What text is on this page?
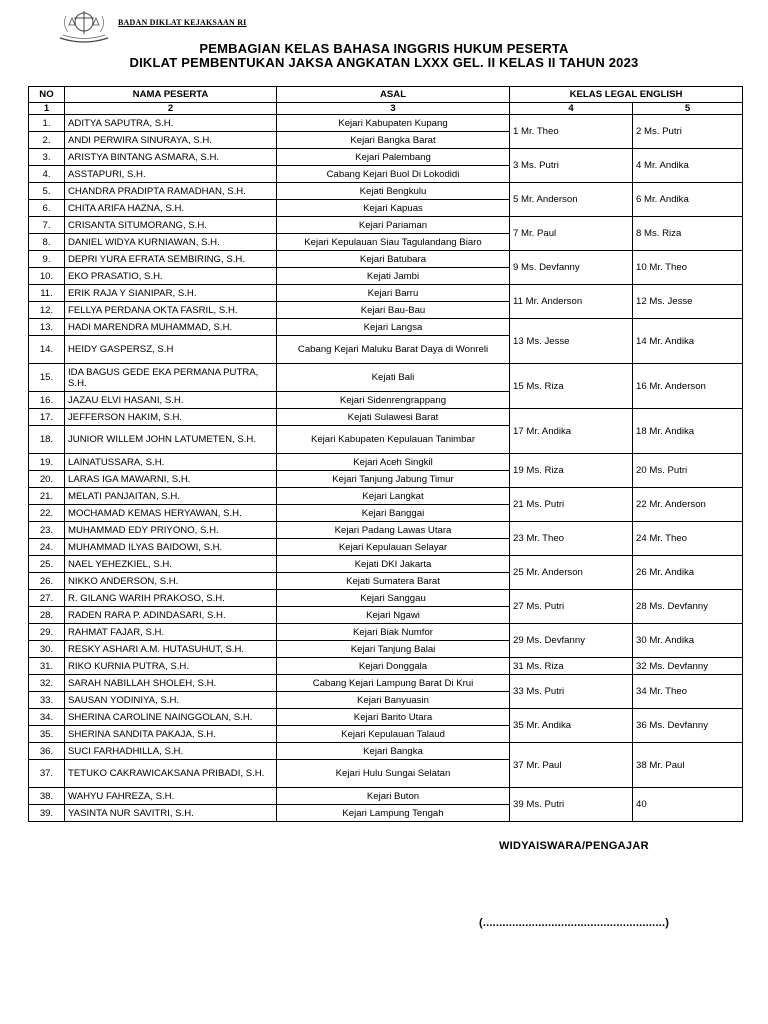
BADAN DIKLAT KEJAKSAAN RI
PEMBAGIAN KELAS BAHASA INGGRIS HUKUM PESERTA
DIKLAT PEMBENTUKAN JAKSA ANGKATAN LXXX GEL. II KELAS II TAHUN 2023
NO	NAMA PESERTA	ASAL	KELAS LEGAL ENGLISH	
1	2	3	4	5
1.	ADITYA SAPUTRA, S.H.	Kejari Kabupaten Kupang	1 Mr. Theo	2 Ms. Putri
2.	ANDI PERWIRA SINURAYA, S.H.	Kejari Bangka Barat		
3.	ARISTYA BINTANG ASMARA, S.H.	Kejari Palembang	3 Ms. Putri	4 Mr. Andika
4.	ASSTAPURI, S.H.	Cabang Kejari Buol Di Lokodidi		
5.	CHANDRA PRADIPTA RAMADHAN, S.H.	Kejati Bengkulu	5 Mr. Anderson	6 Mr. Andika
6.	CHITA ARIFA HAZNA, S.H.	Kejari Kapuas		
7.	CRISANTA SITUMORANG, S.H.	Kejari Pariaman	7 Mr. Paul	8 Ms. Riza
8.	DANIEL WIDYA KURNIAWAN, S.H.	Kejari Kepulauan Siau Tagulandang Biaro		
9.	DEPRI YURA EFRATA SEMBIRING, S.H.	Kejari Batubara	9 Ms. Devfanny	10 Mr. Theo
10.	EKO PRASATIO, S.H.	Kejati Jambi		
11.	ERIK RAJA Y SIANIPAR, S.H.	Kejari Barru	11 Mr. Anderson	12 Ms. Jesse
12.	FELLYA PERDANA OKTA FASRIL, S.H.	Kejari Bau-Bau		
13.	HADI MARENDRA MUHAMMAD, S.H.	Kejari Langsa	13 Ms. Jesse	14 Mr. Andika
14.	HEIDY GASPERSZ, S.H	Cabang Kejari Maluku Barat Daya di Wonreli		
15.	IDA BAGUS GEDE EKA PERMANA PUTRA, S.H.	Kejati Bali	15 Ms. Riza	16 Mr. Anderson
16.	JAZAU ELVI HASANI, S.H.	Kejari Sidenrengrappang		
17.	JEFFERSON HAKIM, S.H.	Kejati Sulawesi Barat	17 Mr. Andika	18 Mr. Andika
18.	JUNIOR WILLEM JOHN LATUMETEN, S.H.	Kejari Kabupaten Kepulauan Tanimbar		
19.	LAINATUSSARA, S.H.	Kejari Aceh Singkil	19 Ms. Riza	20 Ms. Putri
20.	LARAS IGA MAWARNI, S.H.	Kejari Tanjung Jabung Timur		
21.	MELATI PANJAITAN, S.H.	Kejari Langkat	21 Ms. Putri	22 Mr. Anderson
22.	MOCHAMAD KEMAS HERYAWAN, S.H.	Kejari Banggai		
23.	MUHAMMAD EDY PRIYONO, S.H.	Kejari Padang Lawas Utara	23 Mr. Theo	24 Mr. Theo
24.	MUHAMMAD ILYAS BAIDOWI, S.H.	Kejari Kepulauan Selayar		
25.	NAEL YEHEZKIEL, S.H.	Kejati DKI Jakarta	25 Mr. Anderson	26 Mr. Andika
26.	NIKKO ANDERSON, S.H.	Kejati Sumatera Barat		
27.	R. GILANG WARIH PRAKOSO, S.H.	Kejari Sanggau	27 Ms. Putri	28 Ms. Devfanny
28.	RADEN RARA P. ADINDASARI, S.H.	Kejari Ngawi		
29.	RAHMAT FAJAR, S.H.	Kejari Biak Numfor	29 Ms. Devfanny	30 Mr. Andika
30.	RESKY ASHARI A.M. HUTASUHUT, S.H.	Kejari Tanjung Balai		
31.	RIKO KURNIA PUTRA, S.H.	Kejari Donggala	31 Ms. Riza	32 Ms. Devfanny
32.	SARAH NABILLAH SHOLEH, S.H.	Cabang Kejari Lampung Barat Di Krui	33 Ms. Putri	34 Mr. Theo
33.	SAUSAN YODINIYA, S.H.	Kejari Banyuasin		
34.	SHERINA CAROLINE NAINGGOLAN, S.H.	Kejari Barito Utara	35 Mr. Andika	36 Ms. Devfanny
35.	SHERINA SANDITA PAKAJA, S.H.	Kejari Kepulauan Talaud		
36.	SUCI FARHADHILLA, S.H.	Kejari Bangka	37 Mr. Paul	38 Mr. Paul
37.	TETUKO CAKRAWICAKSANA PRIBADI, S.H.	Kejari Hulu Sungai Selatan		
38.	WAHYU FAHREZA, S.H.	Kejari Buton	39 Ms. Putri	40
39.	YASINTA NUR SAVITRI, S.H.	Kejari Lampung Tengah		
WIDYAISWARA/PENGAJAR
(........................................................)
